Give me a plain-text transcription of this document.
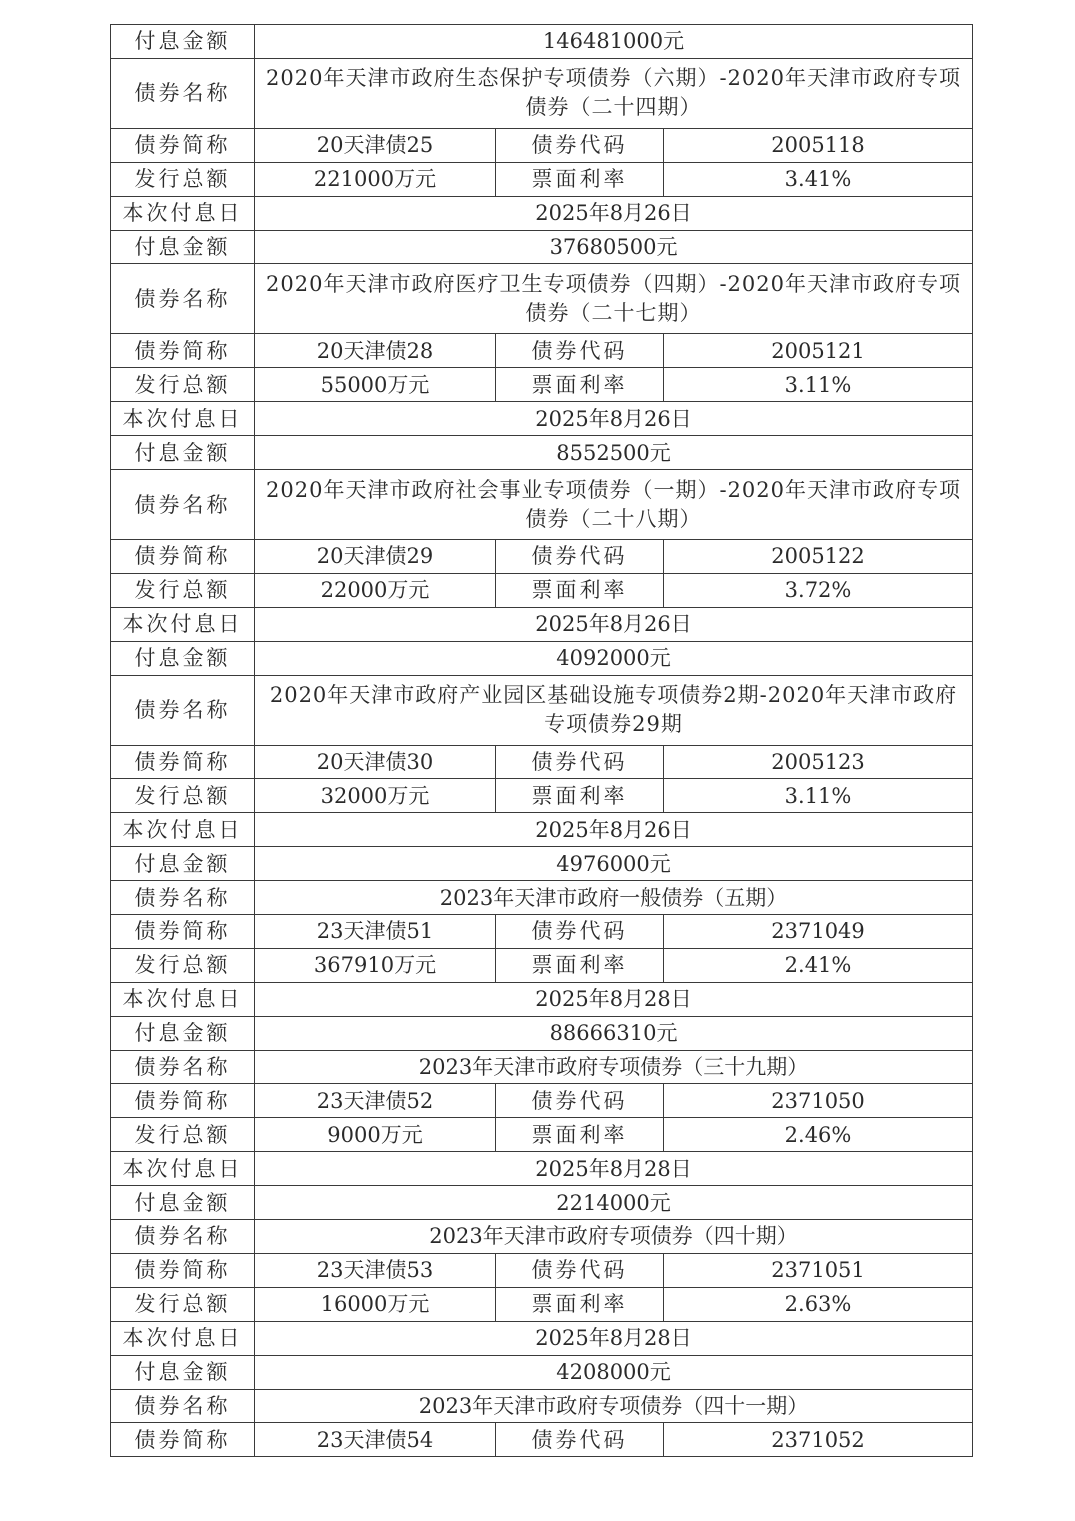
付息金额	146481000元		
债券名称	2020年天津市政府生态保护专项债券（六期）-2020年天津市政府专项债券（二十四期）		
债券简称	20天津债25	债券代码	2005118
发行总额	221000万元	票面利率	3.41%
本次付息日	2025年8月26日		
付息金额	37680500元		
债券名称	2020年天津市政府医疗卫生专项债券（四期）-2020年天津市政府专项债券（二十七期）		
债券简称	20天津债28	债券代码	2005121
发行总额	55000万元	票面利率	3.11%
本次付息日	2025年8月26日		
付息金额	8552500元		
债券名称	2020年天津市政府社会事业专项债券（一期）-2020年天津市政府专项债券（二十八期）		
债券简称	20天津债29	债券代码	2005122
发行总额	22000万元	票面利率	3.72%
本次付息日	2025年8月26日		
付息金额	4092000元		
债券名称	2020年天津市政府产业园区基础设施专项债券2期-2020年天津市政府专项债券29期		
债券简称	20天津债30	债券代码	2005123
发行总额	32000万元	票面利率	3.11%
本次付息日	2025年8月26日		
付息金额	4976000元		
债券名称	2023年天津市政府一般债券（五期）		
债券简称	23天津债51	债券代码	2371049
发行总额	367910万元	票面利率	2.41%
本次付息日	2025年8月28日		
付息金额	88666310元		
债券名称	2023年天津市政府专项债券（三十九期）		
债券简称	23天津债52	债券代码	2371050
发行总额	9000万元	票面利率	2.46%
本次付息日	2025年8月28日		
付息金额	2214000元		
债券名称	2023年天津市政府专项债券（四十期）		
债券简称	23天津债53	债券代码	2371051
发行总额	16000万元	票面利率	2.63%
本次付息日	2025年8月28日		
付息金额	4208000元		
债券名称	2023年天津市政府专项债券（四十一期）		
债券简称	23天津债54	债券代码	2371052
